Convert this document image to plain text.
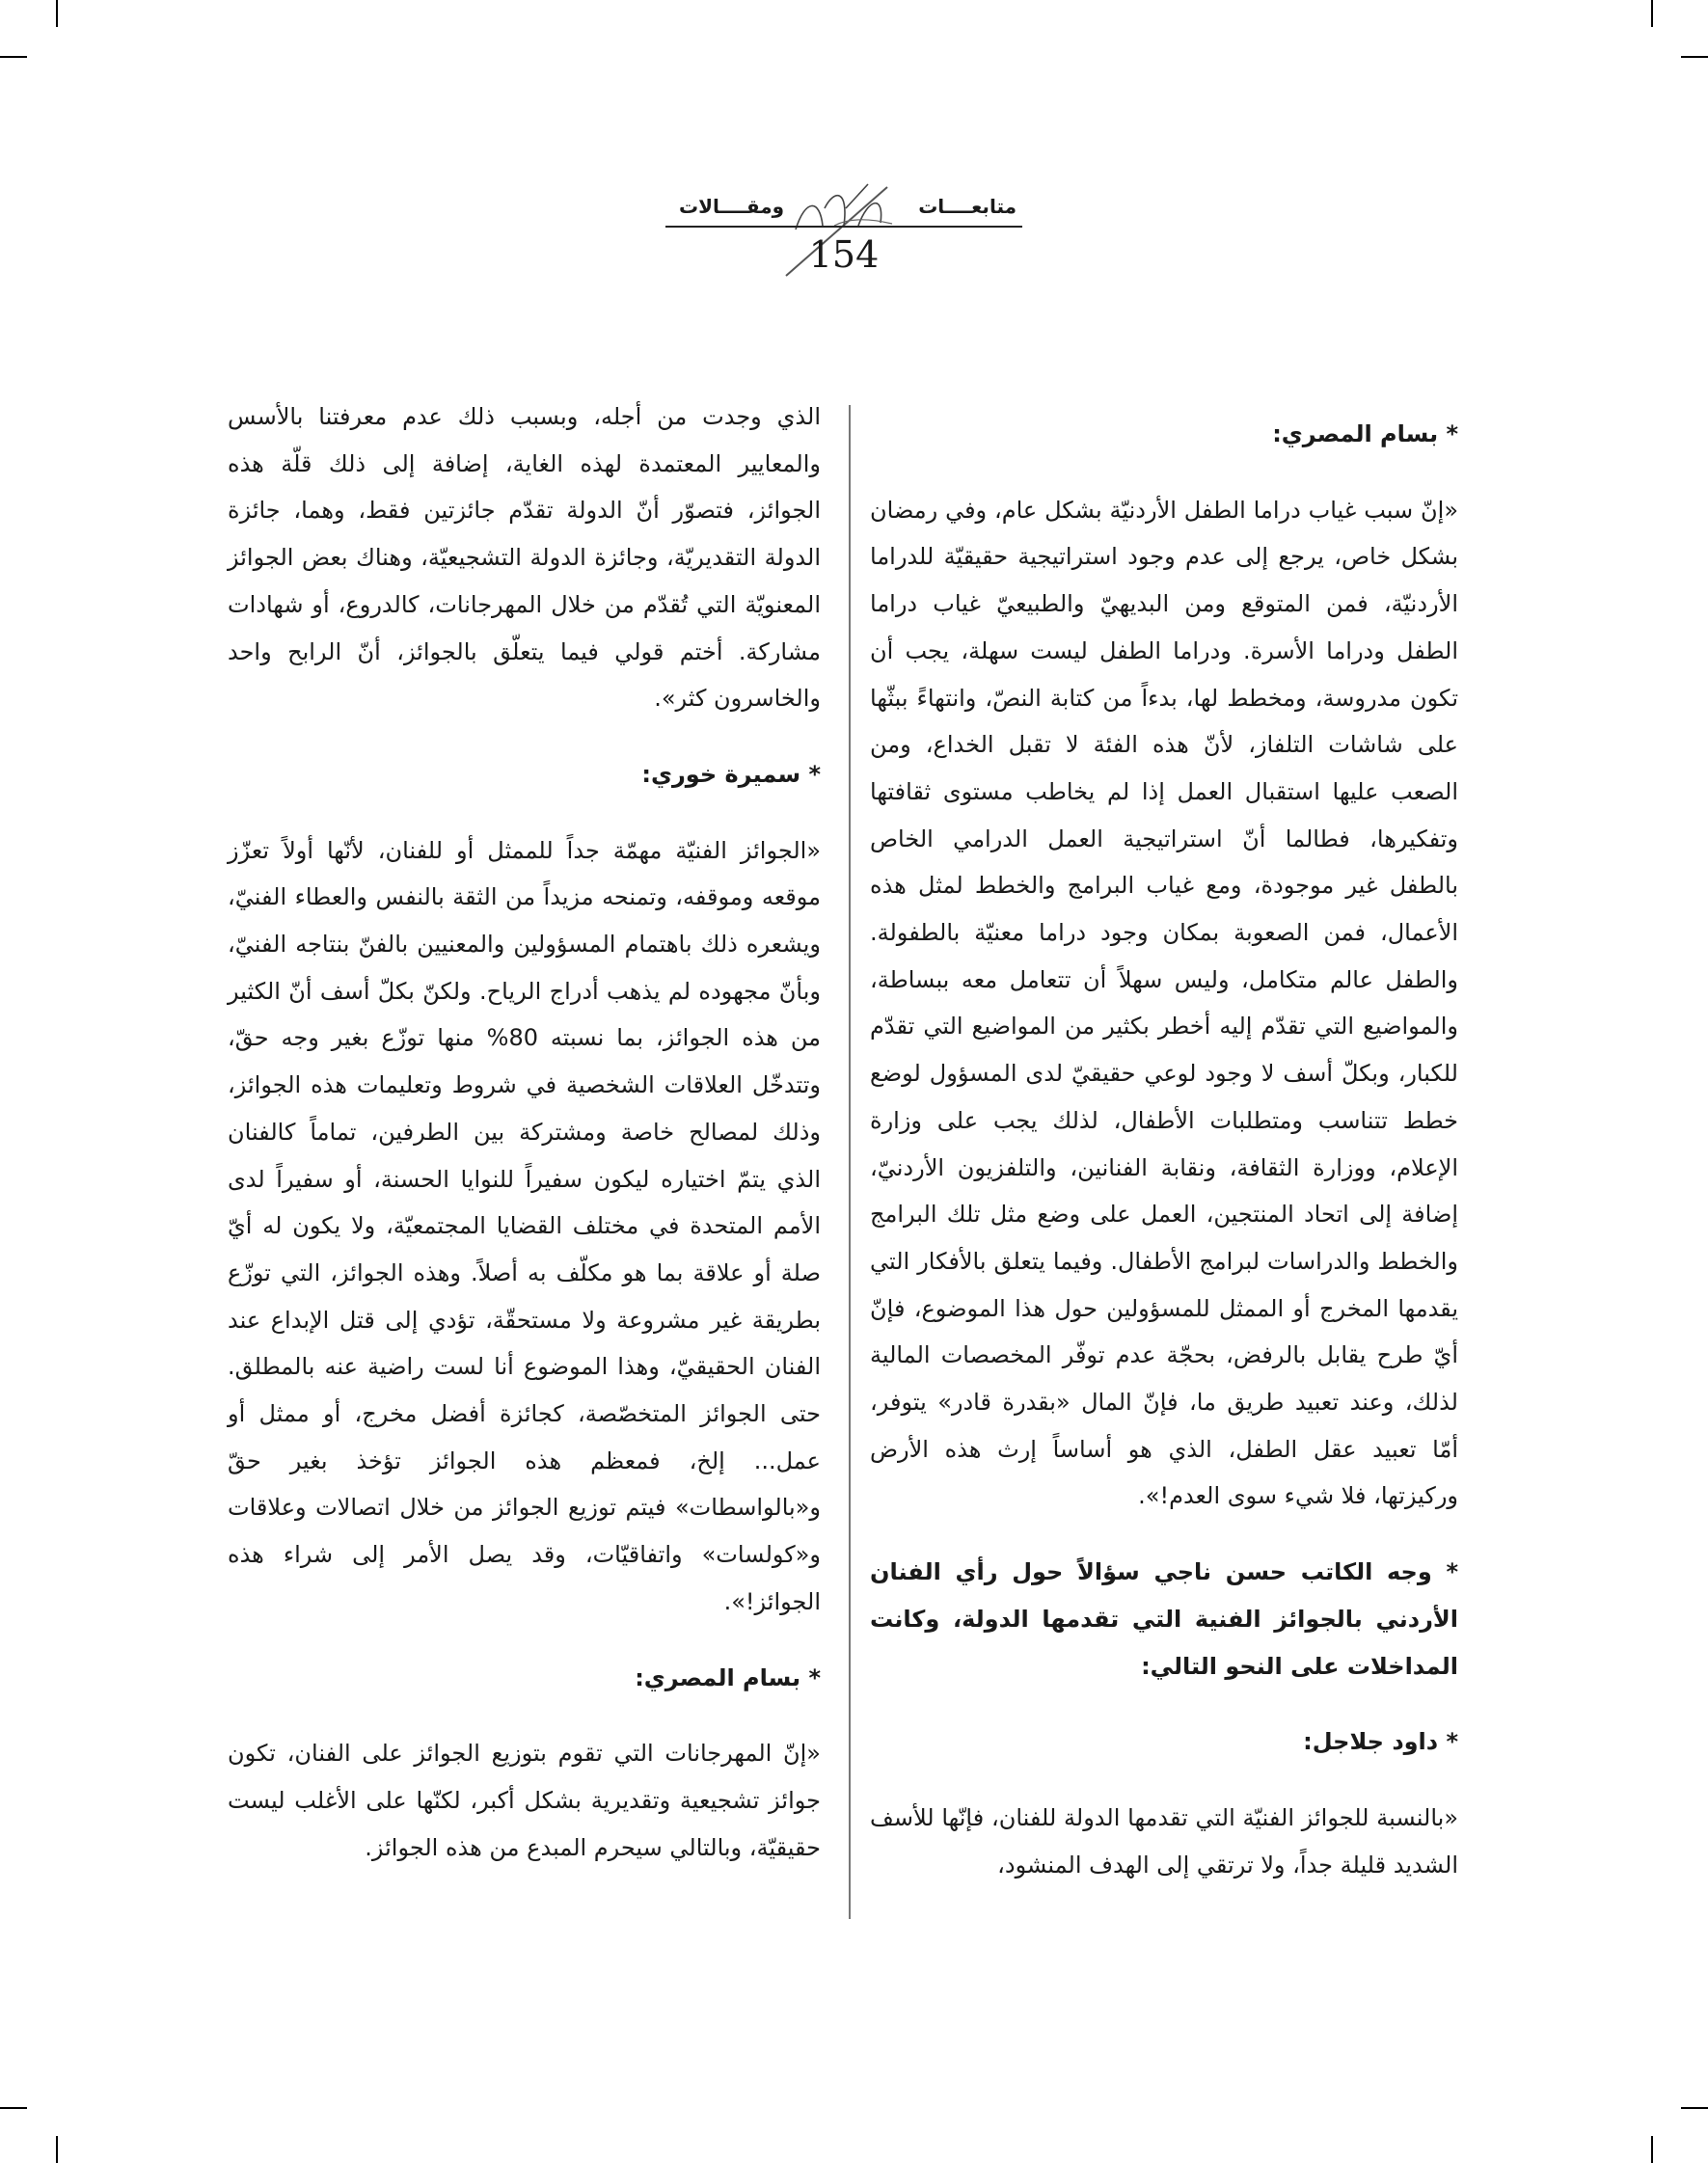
متابعــــات
ومقــــالات
154
* بسام المصري:

«إنّ سبب غياب دراما الطفل الأردنيّة بشكل عام، وفي رمضان بشكل خاص، يرجع إلى عدم وجود استراتيجية حقيقيّة للدراما الأردنيّة، فمن المتوقع ومن البديهيّ والطبيعيّ غياب دراما الطفل ودراما الأسرة. ودراما الطفل ليست سهلة، يجب أن تكون مدروسة، ومخطط لها، بدءاً من كتابة النصّ، وانتهاءً ببثّها على شاشات التلفاز، لأنّ هذه الفئة لا تقبل الخداع، ومن الصعب عليها استقبال العمل إذا لم يخاطب مستوى ثقافتها وتفكيرها، فطالما أنّ استراتيجية العمل الدرامي الخاص بالطفل غير موجودة، ومع غياب البرامج والخطط لمثل هذه الأعمال، فمن الصعوبة بمكان وجود دراما معنيّة بالطفولة. والطفل عالم متكامل، وليس سهلاً أن تتعامل معه ببساطة، والمواضيع التي تقدّم إليه أخطر بكثير من المواضيع التي تقدّم للكبار، وبكلّ أسف لا وجود لوعي حقيقيّ لدى المسؤول لوضع خطط تتناسب ومتطلبات الأطفال، لذلك يجب على وزارة الإعلام، ووزارة الثقافة، ونقابة الفنانين، والتلفزيون الأردنيّ، إضافة إلى اتحاد المنتجين، العمل على وضع مثل تلك البرامج والخطط والدراسات لبرامج الأطفال. وفيما يتعلق بالأفكار التي يقدمها المخرج أو الممثل للمسؤولين حول هذا الموضوع، فإنّ أيّ طرح يقابل بالرفض، بحجّة عدم توفّر المخصصات المالية لذلك، وعند تعبيد طريق ما، فإنّ المال «بقدرة قادر» يتوفر، أمّا تعبيد عقل الطفل، الذي هو أساساً إرث هذه الأرض وركيزتها، فلا شيء سوى العدم!».

* وجه الكاتب حسن ناجي سؤالاً حول رأي الفنان الأردني بالجوائز الفنية التي تقدمها الدولة، وكانت المداخلات على النحو التالي:
* داود جلاجل:

«بالنسبة للجوائز الفنيّة التي تقدمها الدولة للفنان، فإنّها للأسف الشديد قليلة جداً، ولا ترتقي إلى الهدف المنشود،

الذي وجدت من أجله، وبسبب ذلك عدم معرفتنا بالأسس والمعايير المعتمدة لهذه الغاية، إضافة إلى ذلك قلّة هذه الجوائز، فتصوّر أنّ الدولة تقدّم جائزتين فقط، وهما، جائزة الدولة التقديريّة، وجائزة الدولة التشجيعيّة، وهناك بعض الجوائز المعنويّة التي تُقدّم من خلال المهرجانات، كالدروع، أو شهادات مشاركة. أختم قولي فيما يتعلّق بالجوائز، أنّ الرابح واحد والخاسرون كثر».

* سميرة خوري:

«الجوائز الفنيّة مهمّة جداً للممثل أو للفنان، لأنّها أولاً تعزّز موقعه وموقفه، وتمنحه مزيداً من الثقة بالنفس والعطاء الفنيّ، ويشعره ذلك باهتمام المسؤولين والمعنيين بالفنّ بنتاجه الفنيّ، وبأنّ مجهوده لم يذهب أدراج الرياح. ولكنّ بكلّ أسف أنّ الكثير من هذه الجوائز، بما نسبته 80% منها توزّع بغير وجه حقّ، وتتدخّل العلاقات الشخصية في شروط وتعليمات هذه الجوائز، وذلك لمصالح خاصة ومشتركة بين الطرفين، تماماً كالفنان الذي يتمّ اختياره ليكون سفيراً للنوايا الحسنة، أو سفيراً لدى الأمم المتحدة في مختلف القضايا المجتمعيّة، ولا يكون له أيّ صلة أو علاقة بما هو مكلّف به أصلاً. وهذه الجوائز، التي توزّع بطريقة غير مشروعة ولا مستحقّة، تؤدي إلى قتل الإبداع عند الفنان الحقيقيّ، وهذا الموضوع أنا لست راضية عنه بالمطلق. حتى الجوائز المتخصّصة، كجائزة أفضل مخرج، أو ممثل أو عمل... إلخ، فمعظم هذه الجوائز تؤخذ بغير حقّ و«بالواسطات» فيتم توزيع الجوائز من خلال اتصالات وعلاقات و«كولسات» واتفاقيّات، وقد يصل الأمر إلى شراء هذه الجوائز!».

* بسام المصري:

«إنّ المهرجانات التي تقوم بتوزيع الجوائز على الفنان، تكون جوائز تشجيعية وتقديرية بشكل أكبر، لكنّها على الأغلب ليست حقيقيّة، وبالتالي سيحرم المبدع من هذه الجوائز.
